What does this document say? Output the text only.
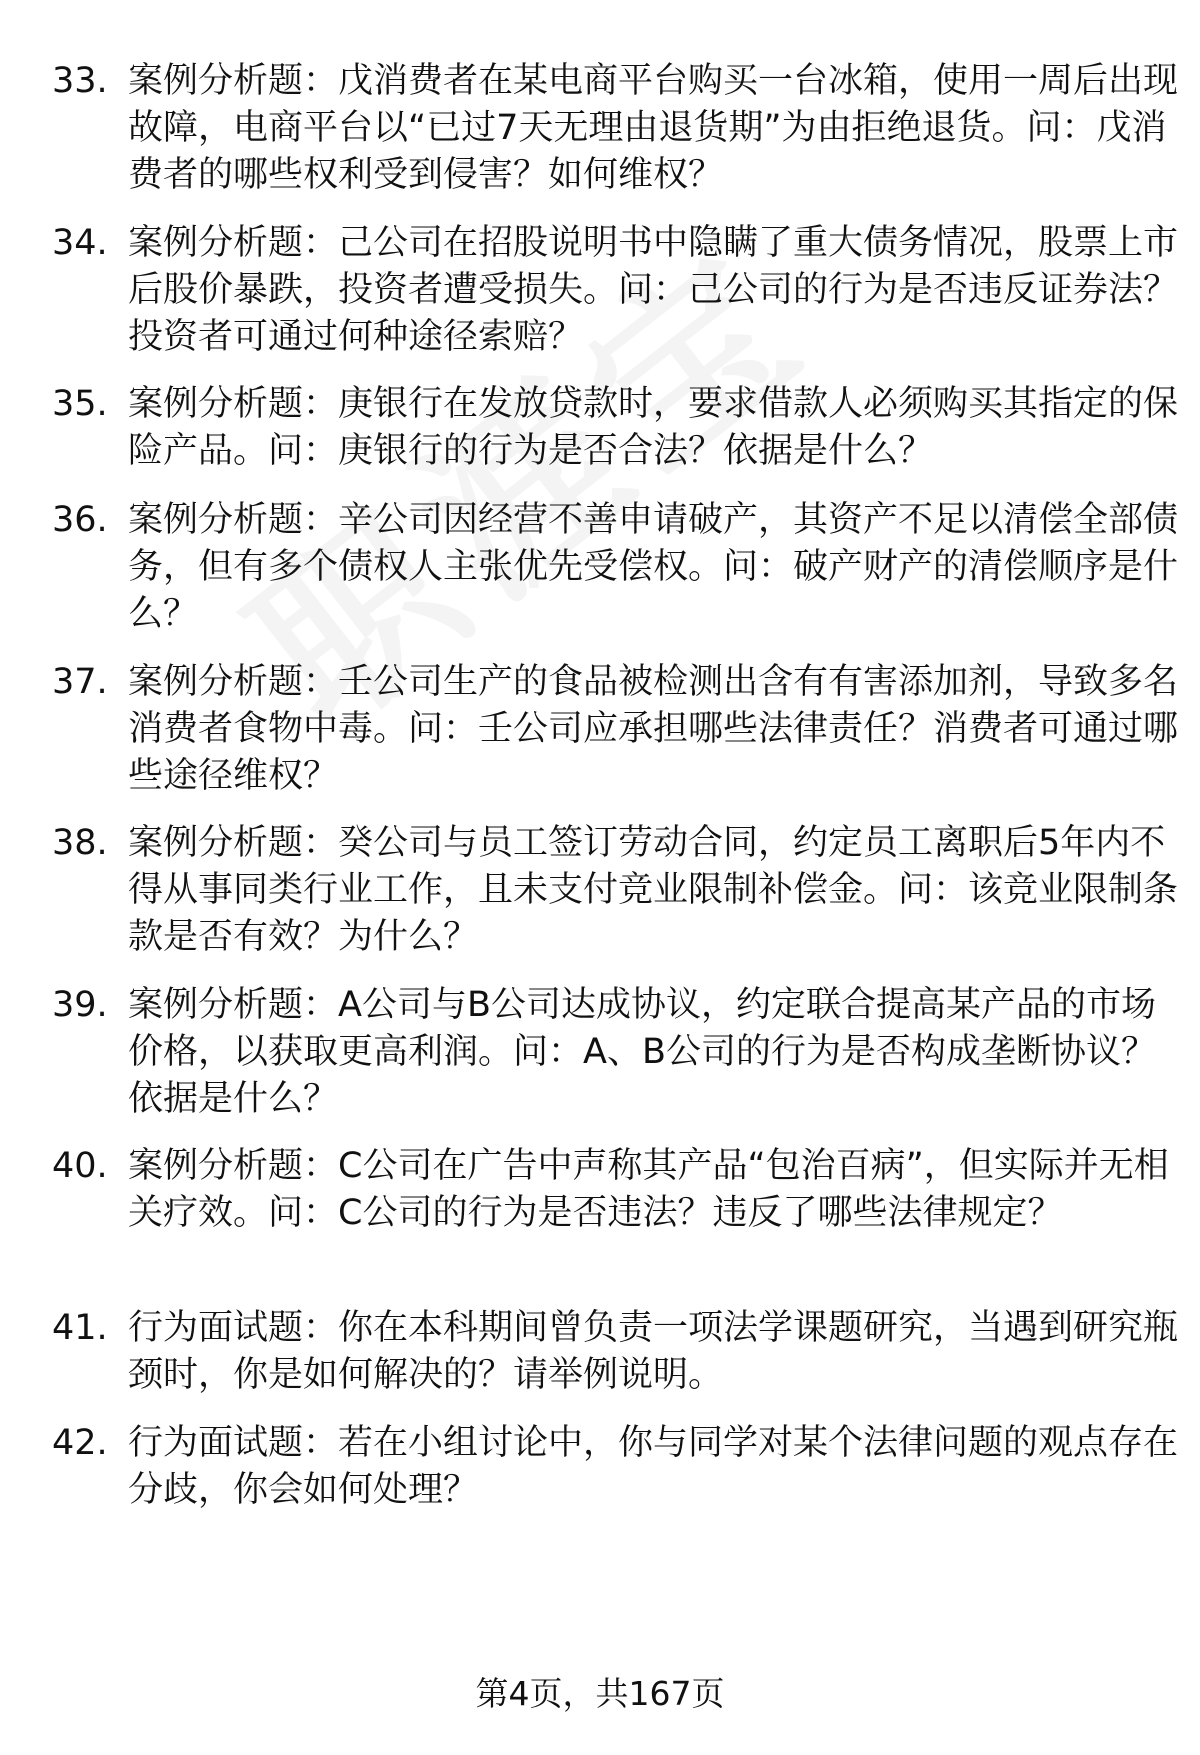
33. 案例分析题：戊消费者在某电商平台购买一台冰箱，使用一周后出现故障，电商平台以“已过7天无理由退货期”为由拒绝退货。问：戊消费者的哪些权利受到侵害？如何维权？
34. 案例分析题：己公司在招股说明书中隐瞒了重大债务情况，股票上市后股价暴跌，投资者遭受损失。问：己公司的行为是否违反证券法？投资者可通过何种途径索赔？
35. 案例分析题：庚银行在发放贷款时，要求借款人必须购买其指定的保险产品。问：庚银行的行为是否合法？依据是什么？
36. 案例分析题：辛公司因经营不善申请破产，其资产不足以清偿全部债务，但有多个债权人主张优先受偿权。问：破产财产的清偿顺序是什么？
37. 案例分析题：壬公司生产的食品被检测出含有有害添加剂，导致多名消费者食物中毒。问：壬公司应承担哪些法律责任？消费者可通过哪些途径维权？
38. 案例分析题：癸公司与员工签订劳动合同，约定员工离职后5年内不得从事同类行业工作，且未支付竞业限制补偿金。问：该竞业限制条款是否有效？为什么？
39. 案例分析题：A公司与B公司达成协议，约定联合提高某产品的市场价格，以获取更高利润。问：A、B公司的行为是否构成垄断协议？依据是什么？
40. 案例分析题：C公司在广告中声称其产品“包治百病”，但实际并无相关疗效。问：C公司的行为是否违法？违反了哪些法律规定？
41. 行为面试题：你在本科期间曾负责一项法学课题研究，当遇到研究瓶颈时，你是如何解决的？请举例说明。
42. 行为面试题：若在小组讨论中，你与同学对某个法律问题的观点存在分歧，你会如何处理？
第4页，共167页
